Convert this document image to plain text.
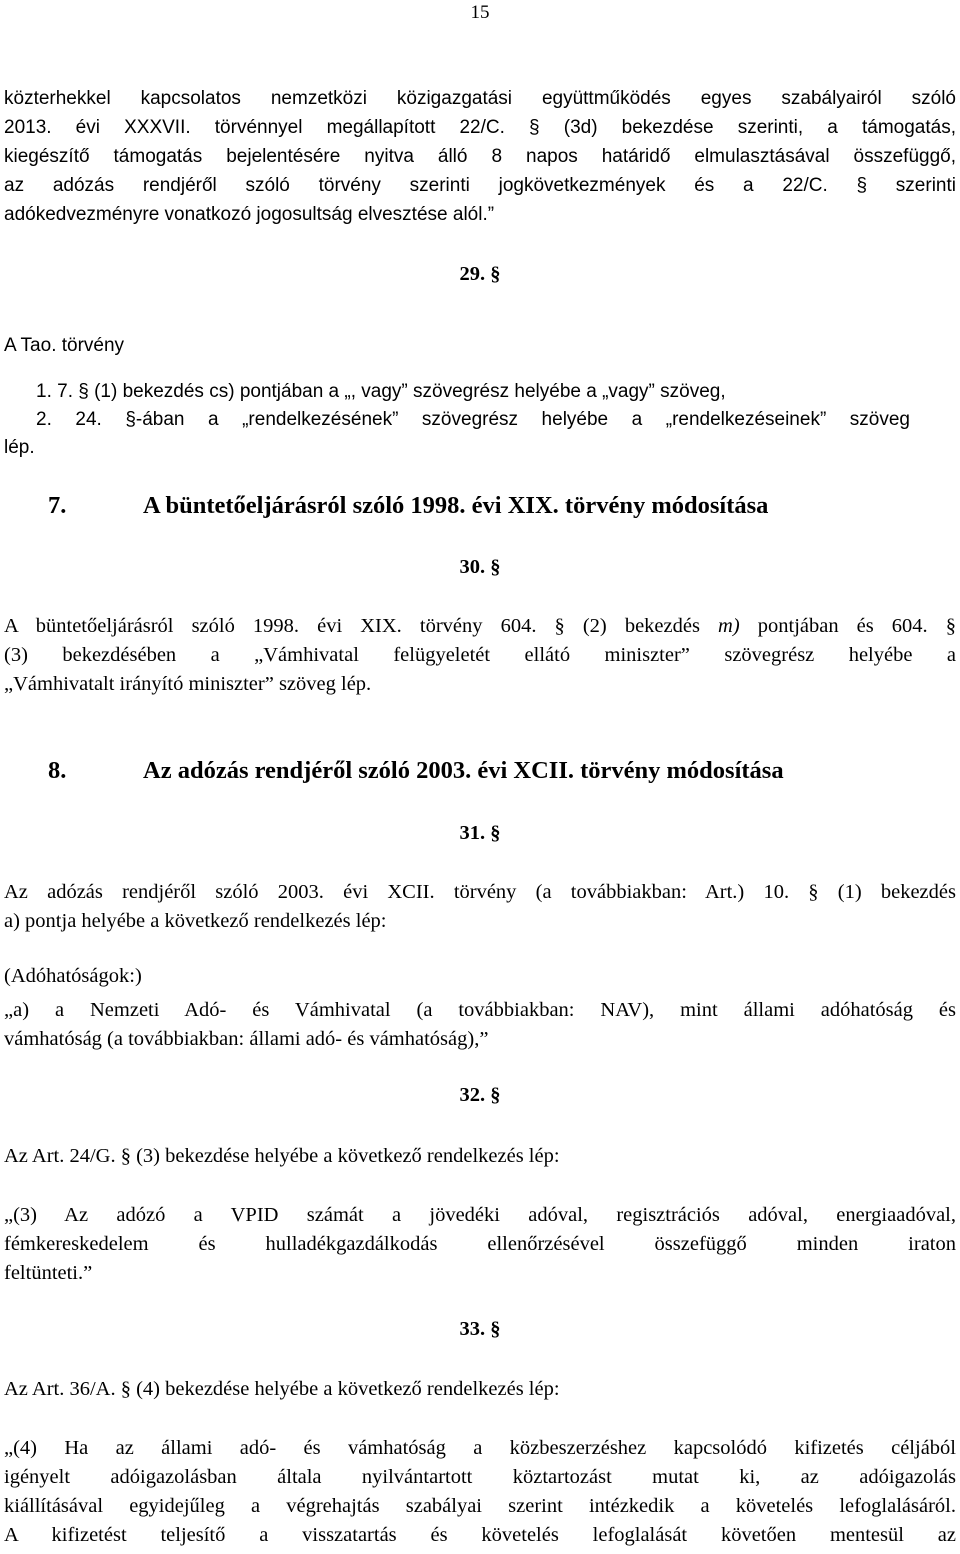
15

közterhekkel kapcsolatos nemzetközi közigazgatási együttműködés egyes szabályairól szóló

2013. évi XXXVII. törvénnyel megállapított 22/C. § (3d) bekezdése szerinti, a támogatás,

kiegészítő támogatás bejelentésére nyitva álló 8 napos határidő elmulasztásával összefüggő,

az adózás rendjéről szóló törvény szerinti jogkövetkezmények és a 22/C. § szerinti

adókedvezményre vonatkozó jogosultság elvesztése alól.”

29. §

A Tao. törvény

1. 7. § (1) bekezdés cs) pontjában a „, vagy” szövegrész helyébe a „vagy” szöveg,

2. 24. §-ában a „rendelkezésének” szövegrész helyébe a „rendelkezéseinek” szöveg

lép.

7.	A büntetőeljárásról szóló 1998. évi XIX. törvény módosítása

30. §

A büntetőeljárásról szóló 1998. évi XIX. törvény 604. § (2) bekezdés m) pontjában és 604. §

(3) bekezdésében a „Vámhivatal felügyeletét ellátó miniszter” szövegrész helyébe a

„Vámhivatalt irányító miniszter” szöveg lép.

8.	Az adózás rendjéről szóló 2003. évi XCII. törvény módosítása

31. §

Az adózás rendjéről szóló 2003. évi XCII. törvény (a továbbiakban: Art.) 10. § (1) bekezdés

a) pontja helyébe a következő rendelkezés lép:

(Adóhatóságok:)

„a) a Nemzeti Adó- és Vámhivatal (a továbbiakban: NAV), mint állami adóhatóság és

vámhatóság (a továbbiakban: állami adó- és vámhatóság),”

32. §

Az Art. 24/G. § (3) bekezdése helyébe a következő rendelkezés lép:

„(3) Az adózó a VPID számát a jövedéki adóval, regisztrációs adóval, energiaadóval,

fémkereskedelem és hulladékgazdálkodás ellenőrzésével összefüggő minden iraton

feltünteti.”

33. §

Az Art. 36/A. § (4) bekezdése helyébe a következő rendelkezés lép:

„(4) Ha az állami adó- és vámhatóság a közbeszerzéshez kapcsolódó kifizetés céljából

igényelt adóigazolásban általa nyilvántartott köztartozást mutat ki, az adóigazolás

kiállításával egyidejűleg a végrehajtás szabályai szerint intézkedik a követelés lefoglalásáról.

A kifizetést teljesítő a visszatartás és követelés lefoglalását követően mentesül az
